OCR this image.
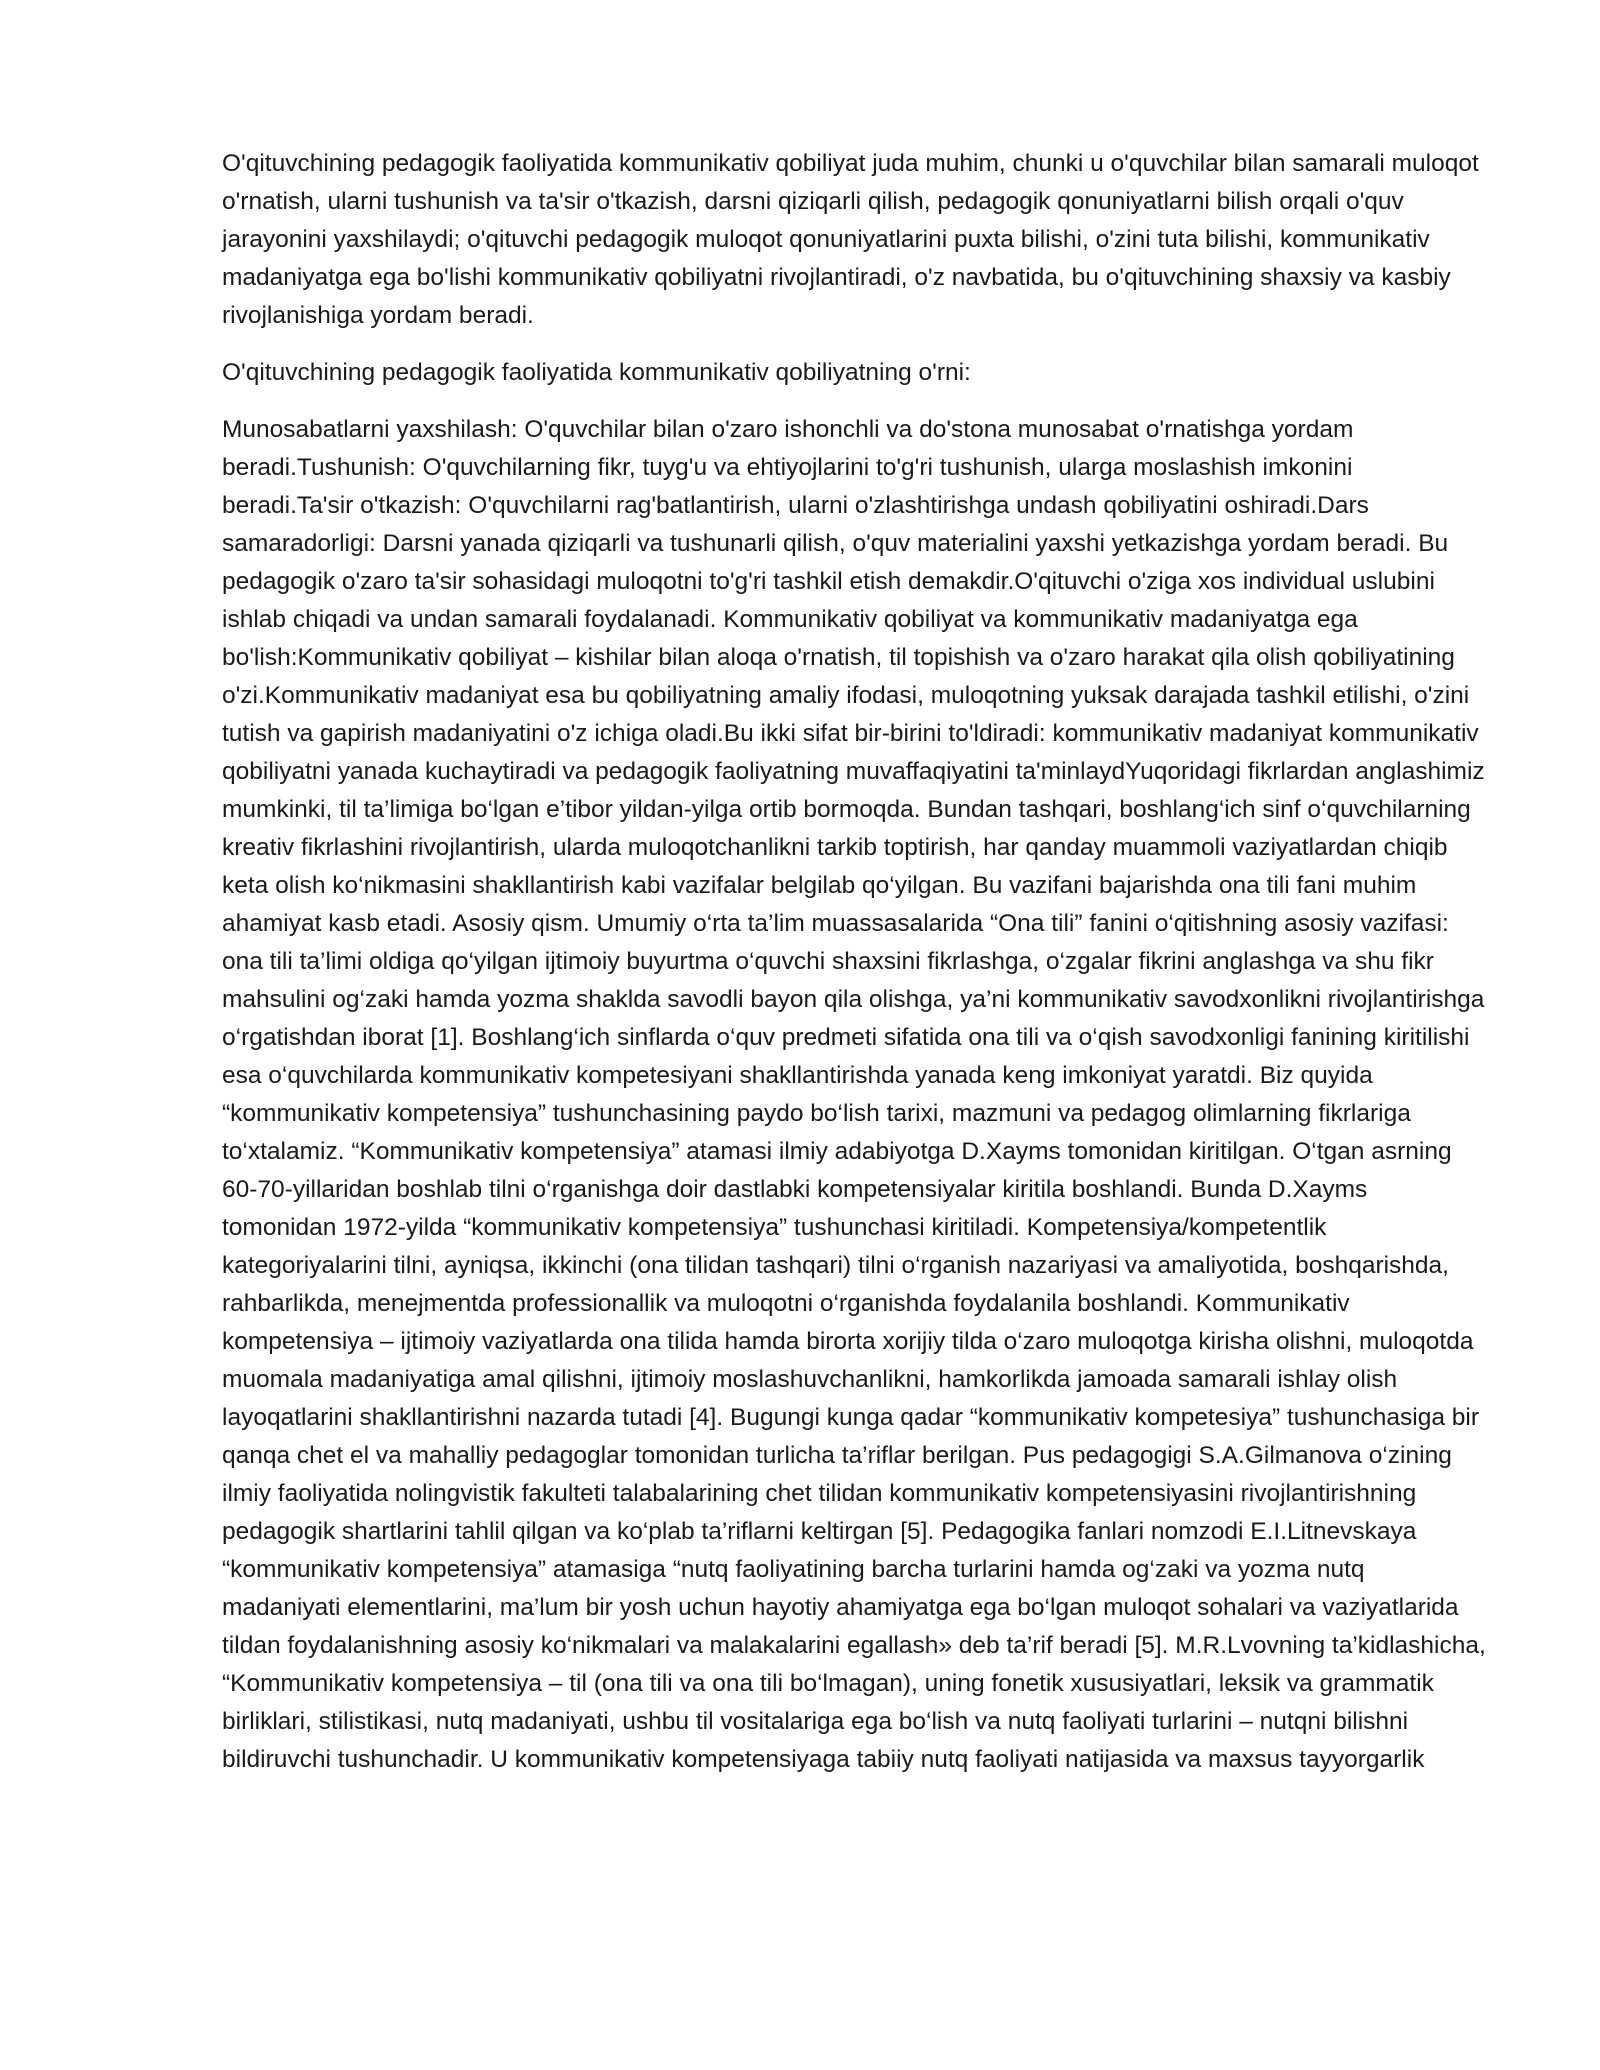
O'qituvchining pedagogik faoliyatida kommunikativ qobiliyat juda muhim, chunki u o'quvchilar bilan samarali muloqot o'rnatish, ularni tushunish va ta'sir o'tkazish, darsni qiziqarli qilish, pedagogik qonuniyatlarni bilish orqali o'quv jarayonini yaxshilaydi; o'qituvchi pedagogik muloqot qonuniyatlarini puxta bilishi, o'zini tuta bilishi, kommunikativ madaniyatga ega bo'lishi kommunikativ qobiliyatni rivojlantiradi, o'z navbatida, bu o'qituvchining shaxsiy va kasbiy rivojlanishiga yordam beradi.

O'qituvchining pedagogik faoliyatida kommunikativ qobiliyatning o'rni:

Munosabatlarni yaxshilash: O'quvchilar bilan o'zaro ishonchli va do'stona munosabat o'rnatishga yordam beradi.Tushunish: O'quvchilarning fikr, tuyg'u va ehtiyojlarini to'g'ri tushunish, ularga moslashish imkonini beradi.Ta'sir o'tkazish: O'quvchilarni rag'batlantirish, ularni o'zlashtirishga undash qobiliyatini oshiradi.Dars samaradorligi: Darsni yanada qiziqarli va tushunarli qilish, o'quv materialini yaxshi yetkazishga yordam beradi. Bu pedagogik o'zaro ta'sir sohasidagi muloqotni to'g'ri tashkil etish demakdir.O'qituvchi o'ziga xos individual uslubini ishlab chiqadi va undan samarali foydalanadi. Kommunikativ qobiliyat va kommunikativ madaniyatga ega bo'lish:Kommunikativ qobiliyat – kishilar bilan aloqa o'rnatish, til topishish va o'zaro harakat qila olish qobiliyatining o'zi.Kommunikativ madaniyat esa bu qobiliyatning amaliy ifodasi, muloqotning yuksak darajada tashkil etilishi, o'zini tutish va gapirish madaniyatini o'z ichiga oladi.Bu ikki sifat bir-birini to'ldiradi: kommunikativ madaniyat kommunikativ qobiliyatni yanada kuchaytiradi va pedagogik faoliyatning muvaffaqiyatini ta'minlaydYuqoridagi fikrlardan anglashimiz mumkinki, til ta’limiga bo‘lgan e’tibor yildan-yilga ortib bormoqda. Bundan tashqari, boshlang‘ich sinf o‘quvchilarning kreativ fikrlashini rivojlantirish, ularda muloqotchanlikni tarkib toptirish, har qanday muammoli vaziyatlardan chiqib keta olish ko‘nikmasini shakllantirish kabi vazifalar belgilab qo‘yilgan. Bu vazifani bajarishda ona tili fani muhim ahamiyat kasb etadi. Asosiy qism. Umumiy o‘rta ta’lim muassasalarida “Ona tili” fanini o‘qitishning asosiy vazifasi: ona tili ta’limi oldiga qo‘yilgan ijtimoiy buyurtma o‘quvchi shaxsini fikrlashga, o‘zgalar fikrini anglashga va shu fikr mahsulini og‘zaki hamda yozma shaklda savodli bayon qila olishga, ya’ni kommunikativ savodxonlikni rivojlantirishga o‘rgatishdan iborat [1]. Boshlang‘ich sinflarda o‘quv predmeti sifatida ona tili va o‘qish savodxonligi fanining kiritilishi esa o‘quvchilarda kommunikativ kompetesiyani shakllantirishda yanada keng imkoniyat yaratdi. Biz quyida “kommunikativ kompetensiya” tushunchasining paydo bo‘lish tarixi, mazmuni va pedagog olimlarning fikrlariga to‘xtalamiz. “Kommunikativ kompetensiya” atamasi ilmiy adabiyotga D.Xayms tomonidan kiritilgan. O‘tgan asrning 60-70-yillaridan boshlab tilni o‘rganishga doir dastlabki kompetensiyalar kiritila boshlandi. Bunda D.Xayms tomonidan 1972-yilda “kommunikativ kompetensiya” tushunchasi kiritiladi. Kompetensiya/kompetentlik kategoriyalarini tilni, ayniqsa, ikkinchi (ona tilidan tashqari) tilni o‘rganish nazariyasi va amaliyotida, boshqarishda, rahbarlikda, menejmentda professionallik va muloqotni o‘rganishda foydalanila boshlandi. Kommunikativ kompetensiya – ijtimoiy vaziyatlarda ona tilida hamda birorta xorijiy tilda o‘zaro muloqotga kirisha olishni, muloqotda muomala madaniyatiga amal qilishni, ijtimoiy moslashuvchanlikni, hamkorlikda jamoada samarali ishlay olish layoqatlarini shakllantirishni nazarda tutadi [4]. Bugungi kunga qadar “kommunikativ kompetesiya” tushunchasiga bir qanqa chet el va mahalliy pedagoglar tomonidan turlicha ta’riflar berilgan. Pus pedagogigi S.A.Gilmanova o‘zining ilmiy faoliyatida nolingvistik fakulteti talabalarining chet tilidan kommunikativ kompetensiyasini rivojlantirishning pedagogik shartlarini tahlil qilgan va ko‘plab ta’riflarni keltirgan [5]. Pedagogika fanlari nomzodi E.I.Litnevskaya “kommunikativ kompetensiya” atamasiga “nutq faoliyatining barcha turlarini hamda og‘zaki va yozma nutq madaniyati elementlarini, ma’lum bir yosh uchun hayotiy ahamiyatga ega bo‘lgan muloqot sohalari va vaziyatlarida tildan foydalanishning asosiy ko‘nikmalari va malakalarini egallash» deb ta’rif beradi [5]. M.R.Lvovning ta’kidlashicha, “Kommunikativ kompetensiya – til (ona tili va ona tili bo‘lmagan), uning fonetik xususiyatlari, leksik va grammatik birliklari, stilistikasi, nutq madaniyati, ushbu til vositalariga ega bo‘lish va nutq faoliyati turlarini – nutqni bilishni bildiruvchi tushunchadir. U kommunikativ kompetensiyaga tabiiy nutq faoliyati natijasida va maxsus tayyorgarlik
